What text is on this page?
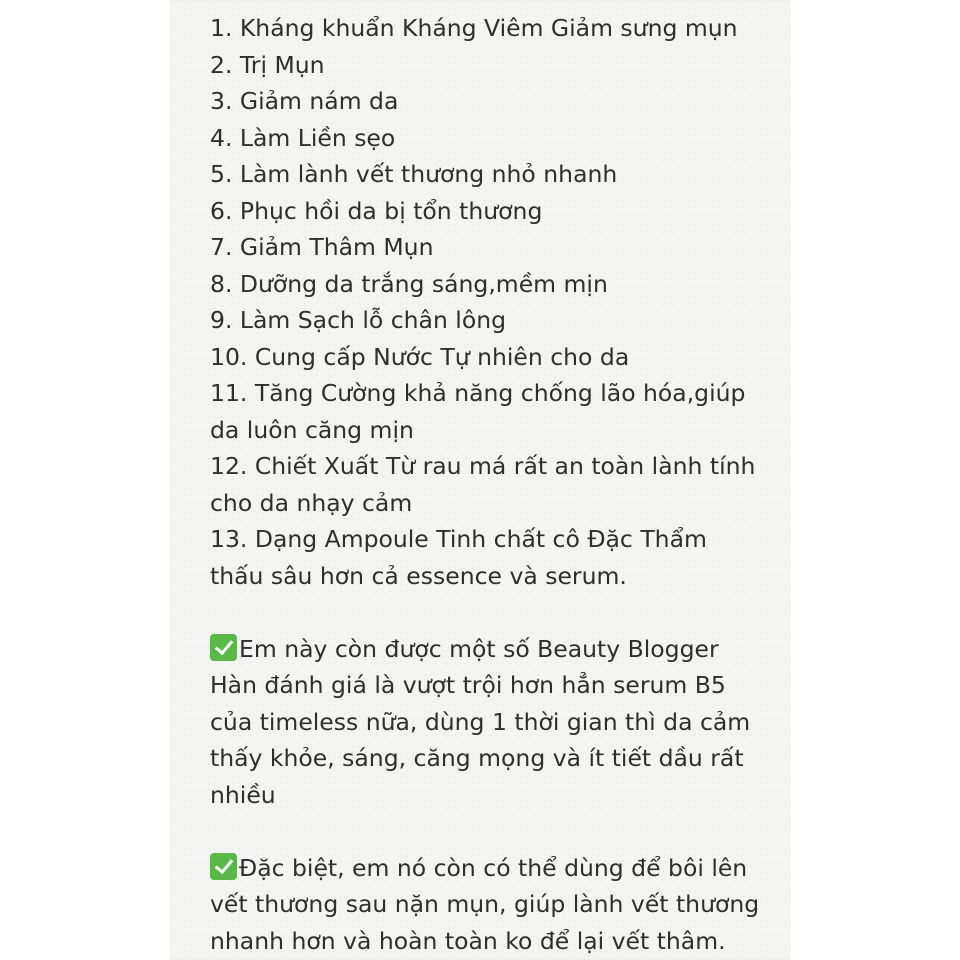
1. Kháng khuẩn Kháng Viêm Giảm sưng mụn
2. Trị Mụn
3. Giảm nám da
4. Làm Liền sẹo
5. Làm lành vết thương nhỏ nhanh
6. Phục hồi da bị tổn thương
7. Giảm Thâm Mụn
8. Dưỡng da trắng sáng,mềm mịn
9. Làm Sạch lỗ chân lông
10. Cung cấp Nước Tự nhiên cho da
11. Tăng Cường khả năng chống lão hóa,giúp
da luôn căng mịn
12. Chiết Xuất Từ rau má rất an toàn lành tính
cho da nhạy cảm
13. Dạng Ampoule Tinh chất cô Đặc Thẩm
thấu sâu hơn cả essence và serum.
Em này còn được một số Beauty Blogger
Hàn đánh giá là vượt trội hơn hẳn serum B5
của timeless nữa, dùng 1 thời gian thì da cảm
thấy khỏe, sáng, căng mọng và ít tiết dầu rất
nhiều
Đặc biệt, em nó còn có thể dùng để bôi lên
vết thương sau nặn mụn, giúp lành vết thương
nhanh hơn và hoàn toàn ko để lại vết thâm.
